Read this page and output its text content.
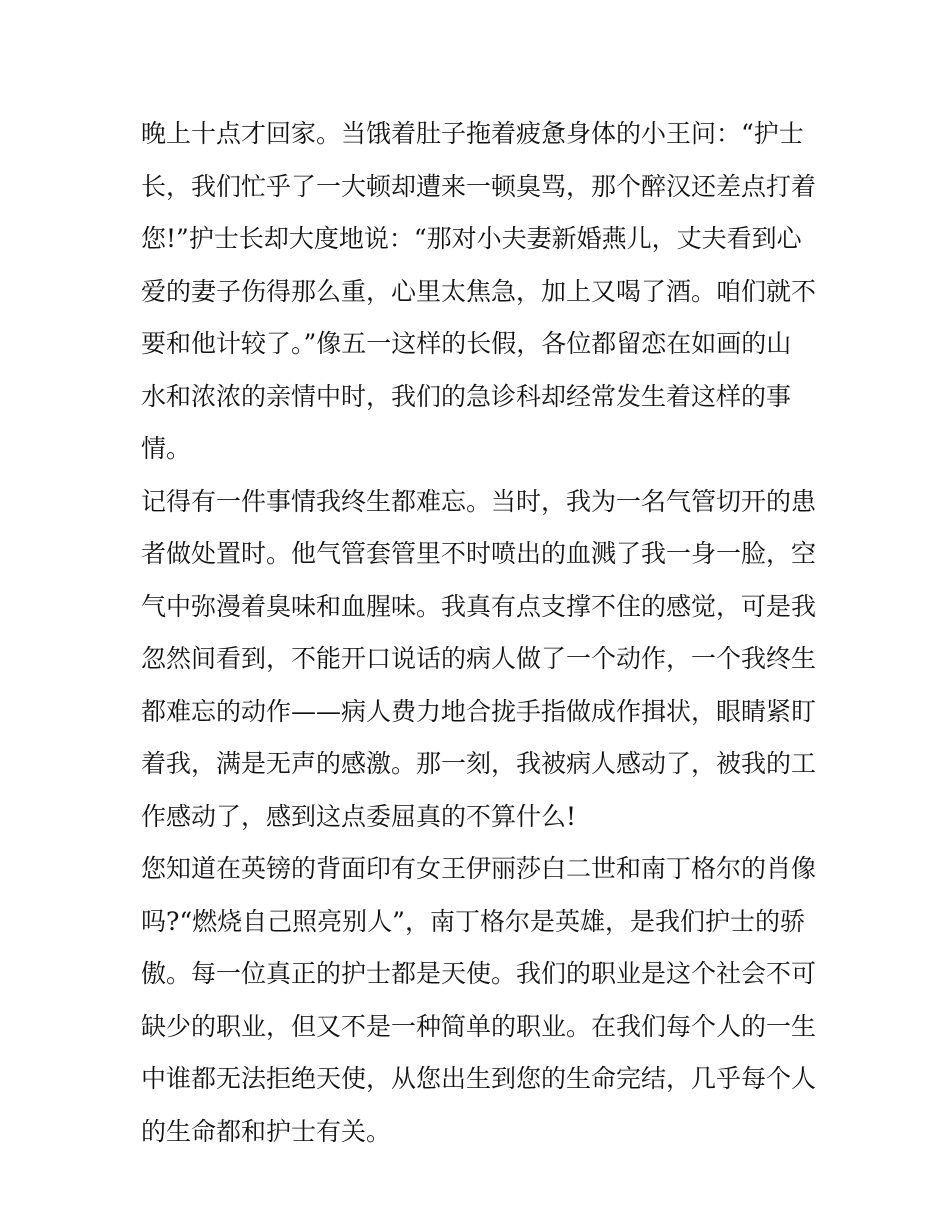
晚上十点才回家。当饿着肚子拖着疲惫身体的小王问：“护士
长，我们忙乎了一大顿却遭来一顿臭骂，那个醉汉还差点打着
您!”护士长却大度地说：“那对小夫妻新婚燕儿，丈夫看到心
爱的妻子伤得那么重，心里太焦急，加上又喝了酒。咱们就不
要和他计较了。”像五一这样的长假，各位都留恋在如画的山
水和浓浓的亲情中时，我们的急诊科却经常发生着这样的事
情。
记得有一件事情我终生都难忘。当时，我为一名气管切开的患
者做处置时。他气管套管里不时喷出的血溅了我一身一脸，空
气中弥漫着臭味和血腥味。我真有点支撑不住的感觉，可是我
忽然间看到，不能开口说话的病人做了一个动作，一个我终生
都难忘的动作——病人费力地合拢手指做成作揖状，眼睛紧盯
着我，满是无声的感激。那一刻，我被病人感动了，被我的工
作感动了，感到这点委屈真的不算什么!
您知道在英镑的背面印有女王伊丽莎白二世和南丁格尔的肖像
吗?“燃烧自己照亮别人”，南丁格尔是英雄，是我们护士的骄
傲。每一位真正的护士都是天使。我们的职业是这个社会不可
缺少的职业，但又不是一种简单的职业。在我们每个人的一生
中谁都无法拒绝天使，从您出生到您的生命完结，几乎每个人
的生命都和护士有关。
